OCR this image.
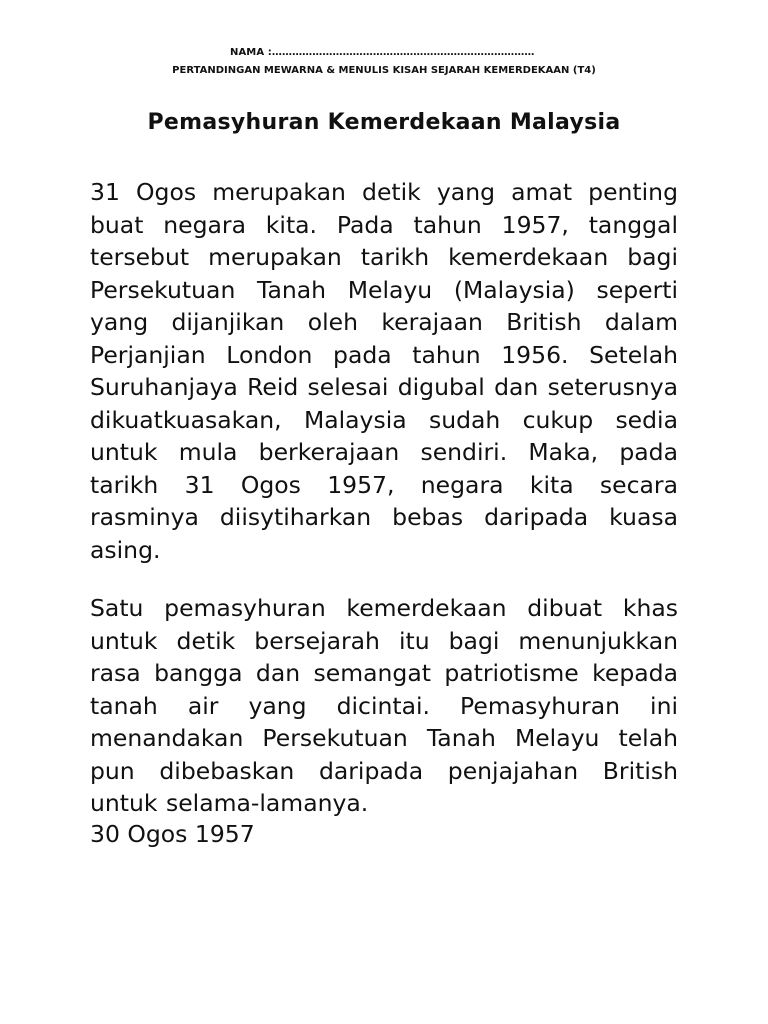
NAMA :……………………………………………………………………
PERTANDINGAN MEWARNA & MENULIS KISAH SEJARAH KEMERDEKAAN (T4)
Pemasyhuran Kemerdekaan Malaysia
31 Ogos merupakan detik yang amat penting buat negara kita. Pada tahun 1957, tanggal tersebut merupakan tarikh kemerdekaan bagi Persekutuan Tanah Melayu (Malaysia) seperti yang dijanjikan oleh kerajaan British dalam Perjanjian London pada tahun 1956. Setelah Suruhanjaya Reid selesai digubal dan seterusnya dikuatkuasakan, Malaysia sudah cukup sedia untuk mula berkerajaan sendiri. Maka, pada tarikh 31 Ogos 1957, negara kita secara rasminya diisytiharkan bebas daripada kuasa asing.
Satu pemasyhuran kemerdekaan dibuat khas untuk detik bersejarah itu bagi menunjukkan rasa bangga dan semangat patriotisme kepada tanah air yang dicintai. Pemasyhuran ini menandakan Persekutuan Tanah Melayu telah pun dibebaskan daripada penjajahan British untuk selama-lamanya.
30 Ogos 1957
